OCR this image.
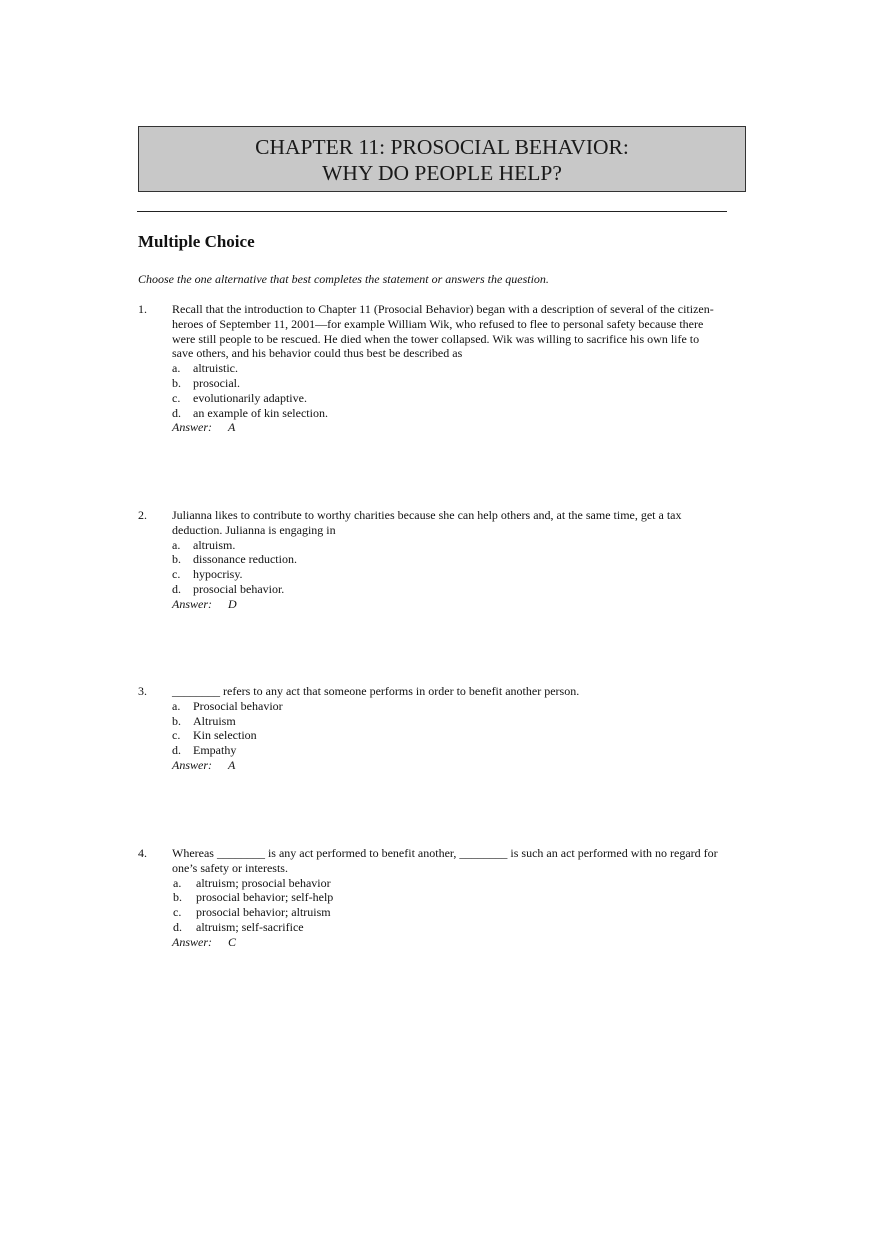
CHAPTER 11: PROSOCIAL BEHAVIOR:
WHY DO PEOPLE HELP?
Multiple Choice

Choose the one alternative that best completes the statement or answers the question.

1. Recall that the introduction to Chapter 11 (Prosocial Behavior) began with a description of several of the citizen-
heroes of September 11, 2001—for example William Wik, who refused to flee to personal safety because there
were still people to be rescued. He died when the tower collapsed. Wik was willing to sacrifice his own life to
save others, and his behavior could thus best be described as
a. altruistic.
b. prosocial.
c. evolutionarily adaptive.
d. an example of kin selection.
Answer: A
2. Julianna likes to contribute to worthy charities because she can help others and, at the same time, get a tax
deduction. Julianna is engaging in
a. altruism.
b. dissonance reduction.
c. hypocrisy.
d. prosocial behavior.
Answer: D
3. ________ refers to any act that someone performs in order to benefit another person.
a. Prosocial behavior
b. Altruism
c. Kin selection
d. Empathy
Answer: A
4. Whereas ________ is any act performed to benefit another, ________ is such an act performed with no regard for
one’s safety or interests.
a. altruism; prosocial behavior
b. prosocial behavior; self-help
c. prosocial behavior; altruism
d. altruism; self-sacrifice
Answer: C
